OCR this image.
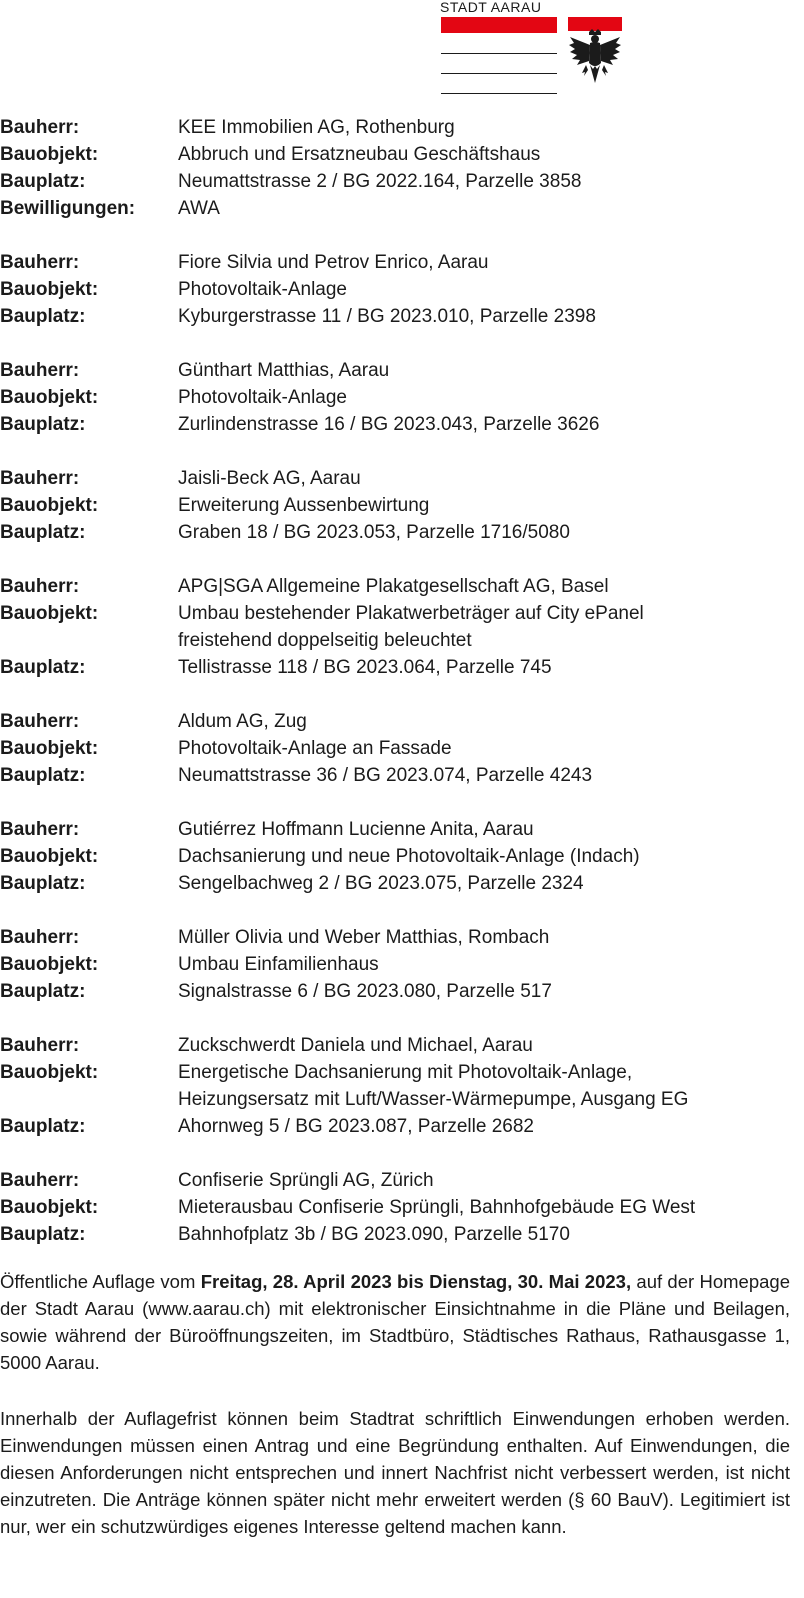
STADT AARAU
Bauherr:	KEE Immobilien AG, Rothenburg
Bauobjekt:	Abbruch und Ersatzneubau Geschäftshaus
Bauplatz:	Neumattstrasse 2 / BG 2022.164, Parzelle 3858
Bewilligungen:	AWA
Bauherr:	Fiore Silvia und Petrov Enrico, Aarau
Bauobjekt:	Photovoltaik-Anlage
Bauplatz:	Kyburgerstrasse 11 / BG 2023.010, Parzelle 2398
Bauherr:	Günthart Matthias, Aarau
Bauobjekt:	Photovoltaik-Anlage
Bauplatz:	Zurlindenstrasse 16 / BG 2023.043, Parzelle 3626
Bauherr:	Jaisli-Beck AG, Aarau
Bauobjekt:	Erweiterung Aussenbewirtung
Bauplatz:	Graben 18 / BG 2023.053, Parzelle 1716/5080
Bauherr:	APG|SGA Allgemeine Plakatgesellschaft AG, Basel
Bauobjekt:	Umbau bestehender Plakatwerbeträger auf City ePanel
freistehend doppelseitig beleuchtet
Bauplatz:	Tellistrasse 118 / BG 2023.064, Parzelle 745
Bauherr:	Aldum AG, Zug
Bauobjekt:	Photovoltaik-Anlage an Fassade
Bauplatz:	Neumattstrasse 36 / BG 2023.074, Parzelle 4243
Bauherr:	Gutiérrez Hoffmann Lucienne Anita, Aarau
Bauobjekt:	Dachsanierung und neue Photovoltaik-Anlage (Indach)
Bauplatz:	Sengelbachweg 2 / BG 2023.075, Parzelle 2324
Bauherr:	Müller Olivia und Weber Matthias, Rombach
Bauobjekt:	Umbau Einfamilienhaus
Bauplatz:	Signalstrasse 6 / BG 2023.080, Parzelle 517
Bauherr:	Zuckschwerdt Daniela und Michael, Aarau
Bauobjekt:	Energetische Dachsanierung mit Photovoltaik-Anlage,
Heizungsersatz mit Luft/Wasser-Wärmepumpe, Ausgang EG
Bauplatz:	Ahornweg 5 / BG 2023.087, Parzelle 2682
Bauherr:	Confiserie Sprüngli AG, Zürich
Bauobjekt:	Mieterausbau Confiserie Sprüngli, Bahnhofgebäude EG West
Bauplatz:	Bahnhofplatz 3b / BG 2023.090, Parzelle 5170

Öffentliche Auflage vom Freitag, 28. April 2023 bis Dienstag, 30. Mai 2023, auf der Homepage der Stadt Aarau (www.aarau.ch) mit elektronischer Einsichtnahme in die Pläne und Beilagen, sowie während der Büroöffnungszeiten, im Stadtbüro, Städtisches Rathaus, Rathausgasse 1, 5000 Aarau.

Innerhalb der Auflagefrist können beim Stadtrat schriftlich Einwendungen erhoben werden. Einwendungen müssen einen Antrag und eine Begründung enthalten. Auf Einwendungen, die diesen Anforderungen nicht entsprechen und innert Nachfrist nicht verbessert werden, ist nicht einzutreten. Die Anträge können später nicht mehr erweitert werden (§ 60 BauV). Legitimiert ist nur, wer ein schutzwürdiges eigenes Interesse geltend machen kann.
